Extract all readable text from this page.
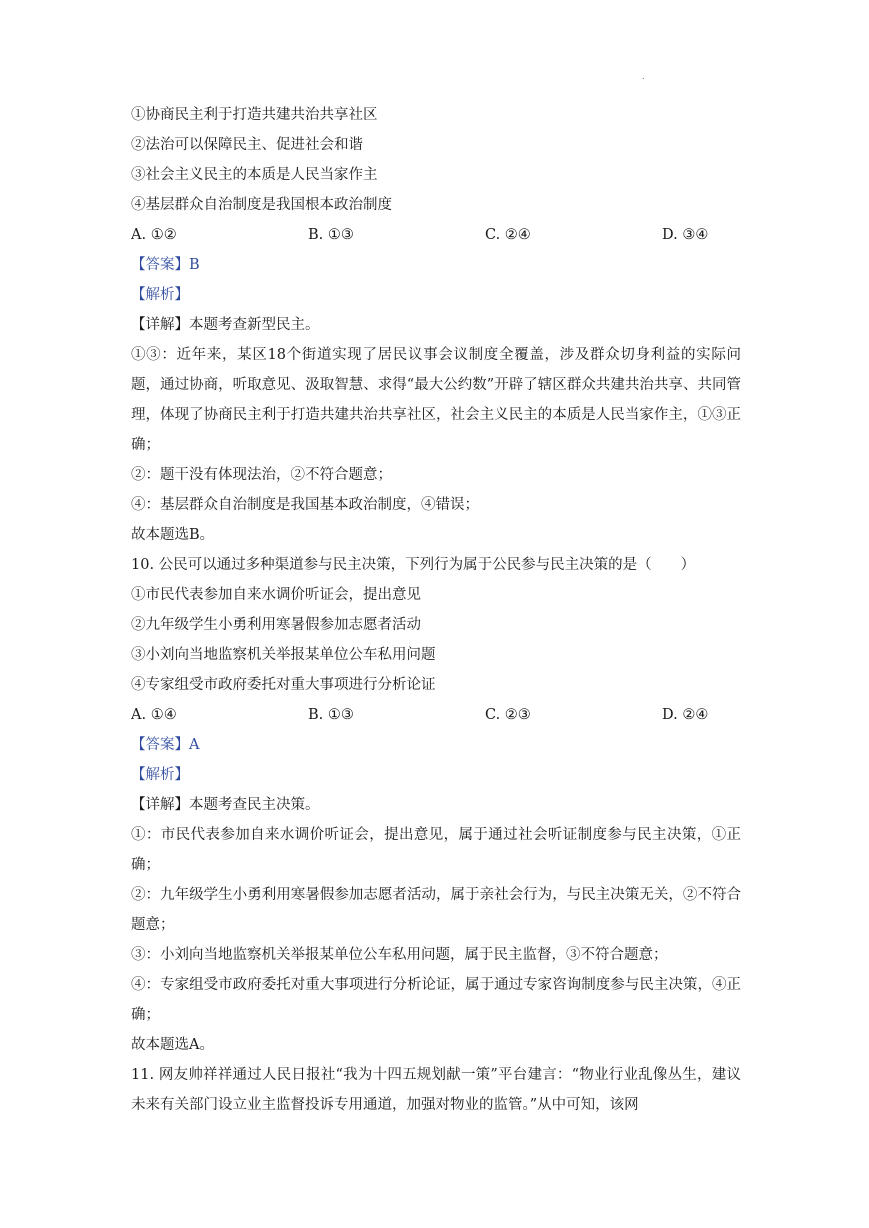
.
①协商民主利于打造共建共治共享社区
②法治可以保障民主、促进社会和谐
③社会主义民主的本质是人民当家作主
④基层群众自治制度是我国根本政治制度
A. ①②	B. ①③	C. ②④	D. ③④
【答案】B
【解析】
【详解】本题考查新型民主。
①③：近年来，某区18个街道实现了居民议事会议制度全覆盖，涉及群众切身利益的实际问题，通过协商，听取意见、汲取智慧、求得“最大公约数”开辟了辖区群众共建共治共享、共同管理，体现了协商民主利于打造共建共治共享社区，社会主义民主的本质是人民当家作主，①③正确；
②：题干没有体现法治，②不符合题意；
④：基层群众自治制度是我国基本政治制度，④错误；
故本题选B。
10. 公民可以通过多种渠道参与民主决策，下列行为属于公民参与民主决策的是（　　）
①市民代表参加自来水调价听证会，提出意见
②九年级学生小勇利用寒暑假参加志愿者活动
③小刘向当地监察机关举报某单位公车私用问题
④专家组受市政府委托对重大事项进行分析论证
A. ①④	B. ①③	C. ②③	D. ②④
【答案】A
【解析】
【详解】本题考查民主决策。
①：市民代表参加自来水调价听证会，提出意见，属于通过社会听证制度参与民主决策，①正确；
②：九年级学生小勇利用寒暑假参加志愿者活动，属于亲社会行为，与民主决策无关，②不符合题意；
③：小刘向当地监察机关举报某单位公车私用问题，属于民主监督，③不符合题意；
④：专家组受市政府委托对重大事项进行分析论证，属于通过专家咨询制度参与民主决策，④正确；
故本题选A。
11. 网友帅祥祥通过人民日报社“我为十四五规划献一策”平台建言：“物业行业乱像丛生，建议未来有关部门设立业主监督投诉专用通道，加强对物业的监管。”从中可知，该网
